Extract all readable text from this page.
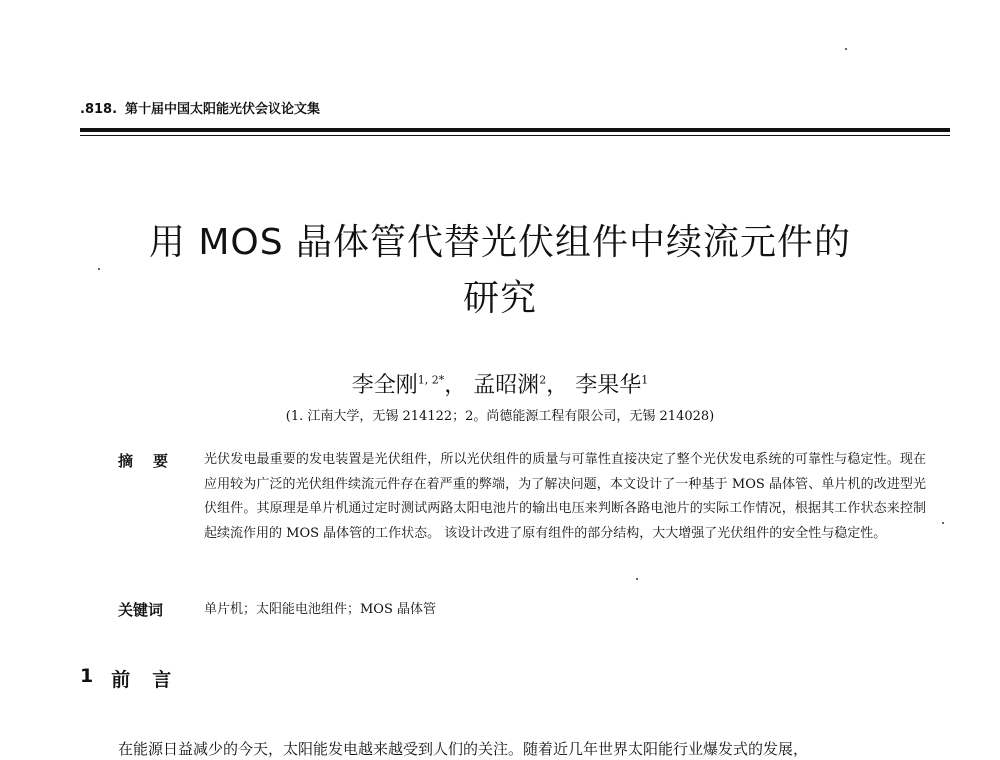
.818. 第十届中国太阳能光伏会议论文集
用 MOS 晶体管代替光伏组件中续流元件的
研究
李全刚$^{1, 2*}$， 孟昭渊$^2$， 李果华$^1$
(1. 江南大学，无锡 214122；2。尚德能源工程有限公司，无锡 214028)
摘要 光伏发电最重要的发电装置是光伏组件，所以光伏组件的质量与可靠性直接决定了整个光伏发电系统的可靠性与稳定性。现在应用较为广泛的光伏组件续流元件存在着严重的弊端，为了解决问题，本文设计了一种基于 MOS 晶体管、单片机的改进型光伏组件。其原理是单片机通过定时测试两路太阳电池片的输出电压来判断各路电池片的实际工作情况，根据其工作状态来控制起续流作用的 MOS 晶体管的工作状态。 该设计改进了原有组件的部分结构，大大增强了光伏组件的安全性与稳定性。
关键词	单片机；太阳能电池组件；MOS 晶体管
1 前言
在能源日益减少的今天，太阳能发电越来越受到人们的关注。随着近几年世界太阳能行业爆发式的发展，
